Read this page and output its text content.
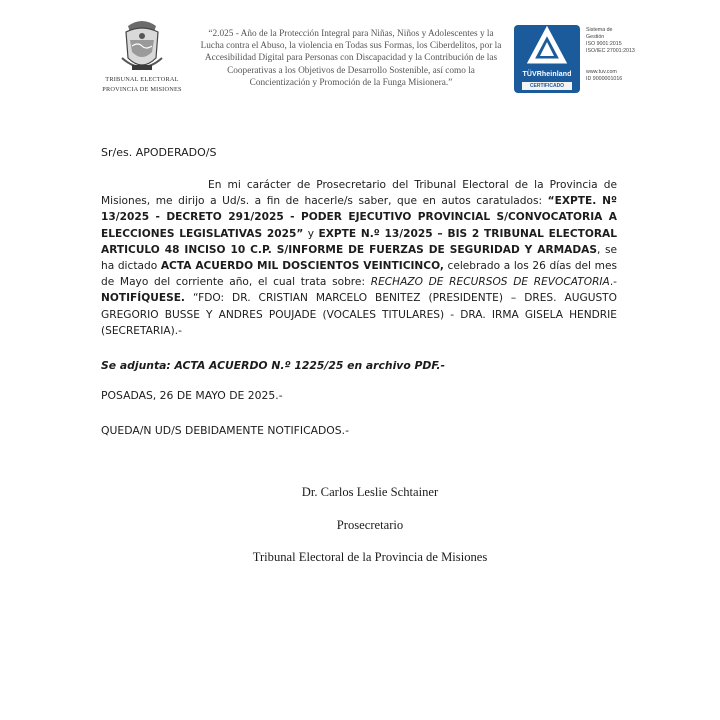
TRIBUNAL ELECTORAL
PROVINCIA DE MISIONES
“2.025 - Año de la Protección Integral para Niñas, Niños y Adolescentes y la Lucha contra el Abuso, la violencia en Todas sus Formas, los Ciberdelitos, por la Accesibilidad Digital para Personas con Discapacidad y la Contribución de las Cooperativas a los Objetivos de Desarrollo Sostenible, así como la Concientización y Promoción de la Funga Misionera.”
TÜVRheinland
CERTIFICADO
Sistema de
Gestión
ISO 9001:2015
ISO/IEC 27001:2013
www.tuv.com
ID 9000001016
Sr/es. APODERADO/S
En mi carácter de Prosecretario del Tribunal Electoral de la Provincia de Misiones, me dirijo a Ud/s. a fin de hacerle/s saber, que en autos caratulados: “EXPTE. Nº 13/2025 - DECRETO 291/2025 - PODER EJECUTIVO PROVINCIAL S/CONVOCATORIA A ELECCIONES LEGISLATIVAS 2025” y EXPTE N.º 13/2025 – BIS 2 TRIBUNAL ELECTORAL ARTICULO 48 INCISO 10 C.P. S/INFORME DE FUERZAS DE SEGURIDAD Y ARMADAS, se ha dictado ACTA ACUERDO MIL DOSCIENTOS VEINTICINCO, celebrado a los 26 días del mes de Mayo del corriente año, el cual trata sobre: RECHAZO DE RECURSOS DE REVOCATORIA.- NOTIFÍQUESE. “FDO: DR. CRISTIAN MARCELO BENITEZ (PRESIDENTE) – DRES. AUGUSTO GREGORIO BUSSE Y ANDRES POUJADE (VOCALES TITULARES) - DRA. IRMA GISELA HENDRIE (SECRETARIA).-
Se adjunta: ACTA ACUERDO N.º 1225/25 en archivo PDF.-
POSADAS, 26 DE MAYO DE 2025.-
QUEDA/N UD/S DEBIDAMENTE NOTIFICADOS.-
Dr. Carlos Leslie Schtainer
Prosecretario
Tribunal Electoral de la Provincia de Misiones
